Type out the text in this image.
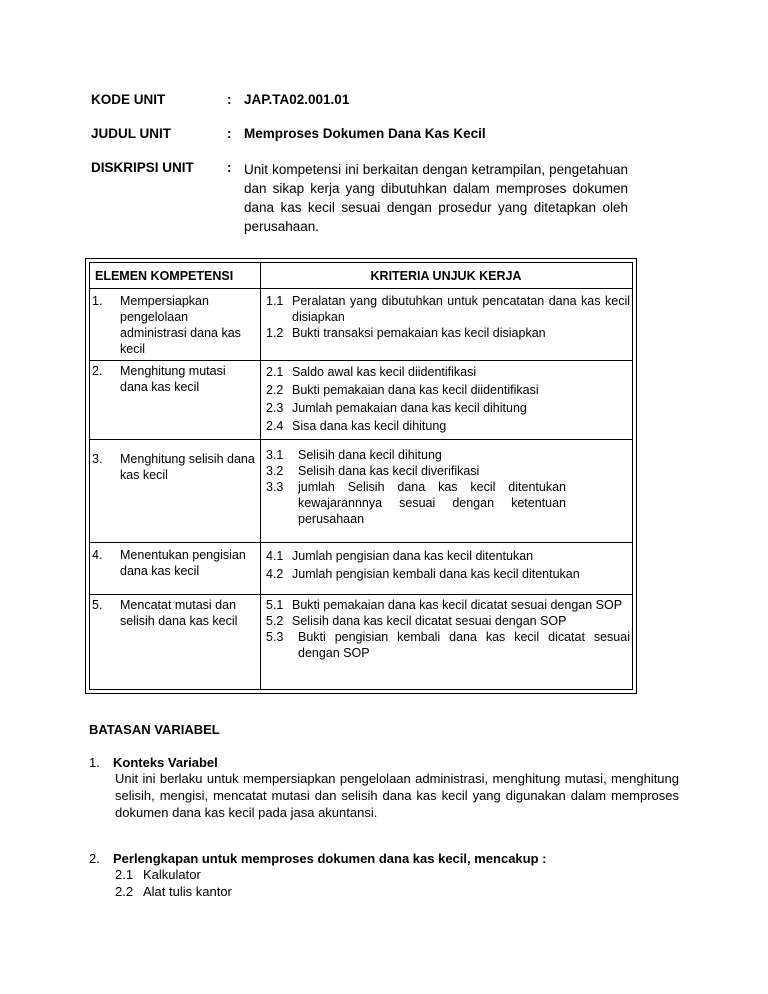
KODE UNIT	: JAP.TA02.001.01
JUDUL UNIT	: Memproses Dokumen Dana Kas Kecil
DISKRIPSI UNIT : Unit kompetensi ini berkaitan dengan ketrampilan, pengetahuan dan sikap kerja yang dibutuhkan dalam memproses dokumen dana kas kecil sesuai dengan prosedur yang ditetapkan oleh perusahaan.
ELEMEN KOMPETENSI	KRITERIA UNJUK KERJA
1. Mempersiapkan pengelolaan administrasi dana kas kecil
1.1 Peralatan yang dibutuhkan untuk pencatatan dana kas kecil disiapkan
1.2 Bukti transaksi pemakaian kas kecil disiapkan
2. Menghitung mutasi dana kas kecil
2.1 Saldo awal kas kecil diidentifikasi
2.2 Bukti pemakaian dana kas kecil diidentifikasi
2.3 Jumlah pemakaian dana kas kecil dihitung
2.4 Sisa dana kas kecil dihitung
3. Menghitung selisih dana kas kecil
3.1 Selisih dana kecil dihitung
3.2 Selisih dana kas kecil diverifikasi
3.3 jumlah Selisih dana kas kecil ditentukan kewajarannnya sesuai dengan ketentuan perusahaan
4. Menentukan pengisian dana kas kecil
4.1 Jumlah pengisian dana kas kecil ditentukan
4.2 Jumlah pengisian kembali dana kas kecil ditentukan
5. Mencatat mutasi dan selisih dana kas kecil
5.1 Bukti pemakaian dana kas kecil dicatat sesuai dengan SOP
5.2 Selisih dana kas kecil dicatat sesuai dengan SOP
5.3 Bukti pengisian kembali dana kas kecil dicatat sesuai dengan SOP
BATASAN VARIABEL
1. Konteks Variabel
Unit ini berlaku untuk mempersiapkan pengelolaan administrasi, menghitung mutasi, menghitung selisih, mengisi, mencatat mutasi dan selisih dana kas kecil yang digunakan dalam memproses dokumen dana kas kecil pada jasa akuntansi.
2. Perlengkapan untuk memproses dokumen dana kas kecil, mencakup :
2.1 Kalkulator
2.2 Alat tulis kantor
